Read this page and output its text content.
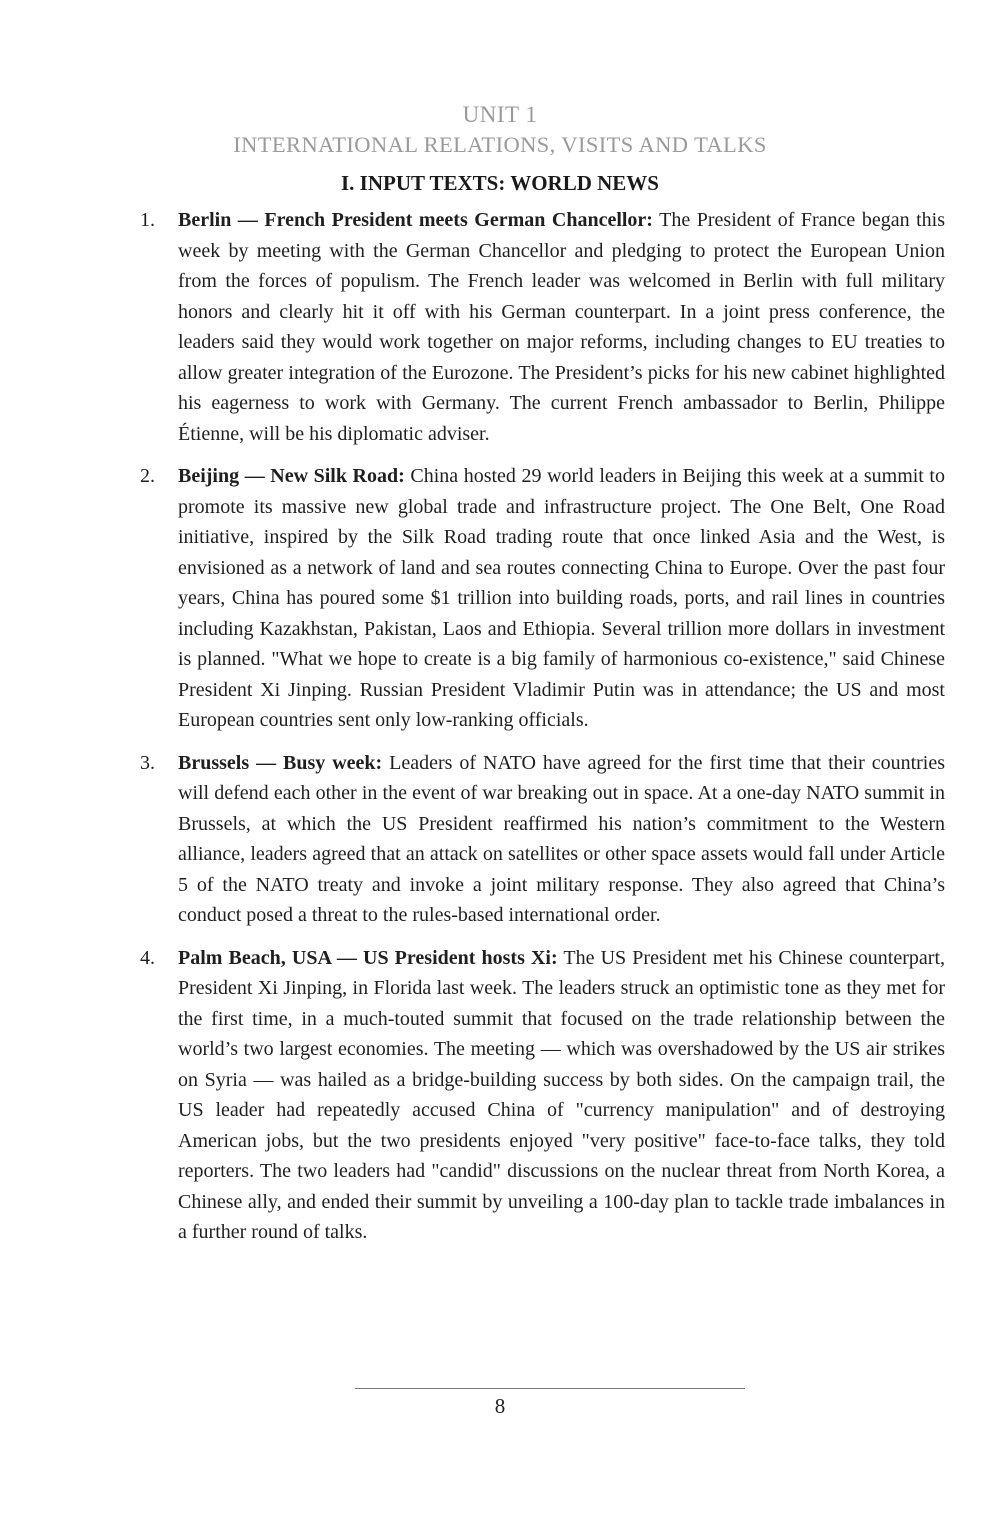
UNIT 1
INTERNATIONAL RELATIONS, VISITS AND TALKS
I. INPUT TEXTS: WORLD NEWS
1. Berlin — French President meets German Chancellor: The President of France began this week by meeting with the German Chancellor and pledging to protect the European Union from the forces of populism. The French leader was welcomed in Berlin with full military honors and clearly hit it off with his German counterpart. In a joint press conference, the leaders said they would work together on major reforms, including changes to EU treaties to allow greater integration of the Eurozone. The President’s picks for his new cabinet highlighted his eagerness to work with Germany. The current French ambassador to Berlin, Philippe Étienne, will be his diplomatic adviser.
2. Beijing — New Silk Road: China hosted 29 world leaders in Beijing this week at a summit to promote its massive new global trade and infrastructure project. The One Belt, One Road initiative, inspired by the Silk Road trading route that once linked Asia and the West, is envisioned as a network of land and sea routes connecting China to Europe. Over the past four years, China has poured some $1 trillion into building roads, ports, and rail lines in countries including Kazakhstan, Pakistan, Laos and Ethiopia. Several trillion more dollars in investment is planned. "What we hope to create is a big family of harmonious co-existence," said Chinese President Xi Jinping. Russian President Vladimir Putin was in attendance; the US and most European countries sent only low-ranking officials.
3. Brussels — Busy week: Leaders of NATO have agreed for the first time that their countries will defend each other in the event of war breaking out in space. At a one-day NATO summit in Brussels, at which the US President reaffirmed his nation’s commitment to the Western alliance, leaders agreed that an attack on satellites or other space assets would fall under Article 5 of the NATO treaty and invoke a joint military response. They also agreed that China’s conduct posed a threat to the rules-based international order.
4. Palm Beach, USA — US President hosts Xi: The US President met his Chinese counterpart, President Xi Jinping, in Florida last week. The leaders struck an optimistic tone as they met for the first time, in a much-touted summit that focused on the trade relationship between the world’s two largest economies. The meeting — which was overshadowed by the US air strikes on Syria — was hailed as a bridge-building success by both sides. On the campaign trail, the US leader had repeatedly accused China of "currency manipulation" and of destroying American jobs, but the two presidents enjoyed "very positive" face-to-face talks, they told reporters. The two leaders had "candid" discussions on the nuclear threat from North Korea, a Chinese ally, and ended their summit by unveiling a 100-day plan to tackle trade imbalances in a further round of talks.
8
